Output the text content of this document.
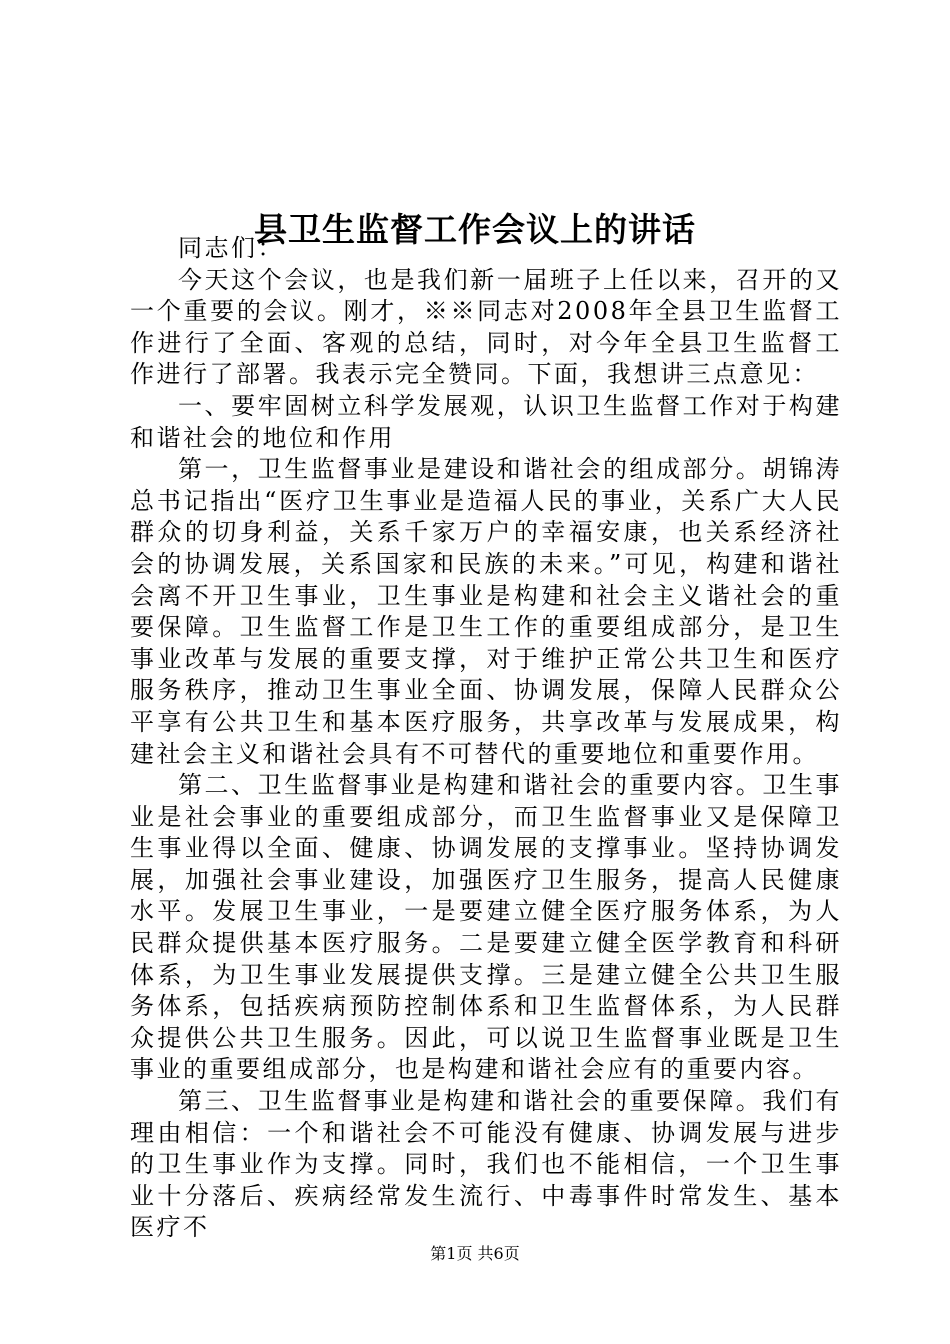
县卫生监督工作会议上的讲话

同志们：

今天这个会议，也是我们新一届班子上任以来，召开的又一个重要的会议。刚才，※※同志对2008年全县卫生监督工作进行了全面、客观的总结，同时，对今年全县卫生监督工作进行了部署。我表示完全赞同。下面，我想讲三点意见：

一、要牢固树立科学发展观，认识卫生监督工作对于构建和谐社会的地位和作用

第一，卫生监督事业是建设和谐社会的组成部分。胡锦涛总书记指出“医疗卫生事业是造福人民的事业，关系广大人民群众的切身利益，关系千家万户的幸福安康，也关系经济社会的协调发展，关系国家和民族的未来。”可见，构建和谐社会离不开卫生事业，卫生事业是构建和社会主义谐社会的重要保障。卫生监督工作是卫生工作的重要组成部分，是卫生事业改革与发展的重要支撑，对于维护正常公共卫生和医疗服务秩序，推动卫生事业全面、协调发展，保障人民群众公平享有公共卫生和基本医疗服务，共享改革与发展成果，构建社会主义和谐社会具有不可替代的重要地位和重要作用。

第二、卫生监督事业是构建和谐社会的重要内容。卫生事业是社会事业的重要组成部分，而卫生监督事业又是保障卫生事业得以全面、健康、协调发展的支撑事业。坚持协调发展，加强社会事业建设，加强医疗卫生服务，提高人民健康水平。发展卫生事业，一是要建立健全医疗服务体系，为人民群众提供基本医疗服务。二是要建立健全医学教育和科研体系，为卫生事业发展提供支撑。三是建立健全公共卫生服务体系，包括疾病预防控制体系和卫生监督体系，为人民群众提供公共卫生服务。因此，可以说卫生监督事业既是卫生事业的重要组成部分，也是构建和谐社会应有的重要内容。

第三、卫生监督事业是构建和谐社会的重要保障。我们有理由相信：一个和谐社会不可能没有健康、协调发展与进步的卫生事业作为支撑。同时，我们也不能相信，一个卫生事业十分落后、疾病经常发生流行、中毒事件时常发生、基本医疗不

第1页 共6页
